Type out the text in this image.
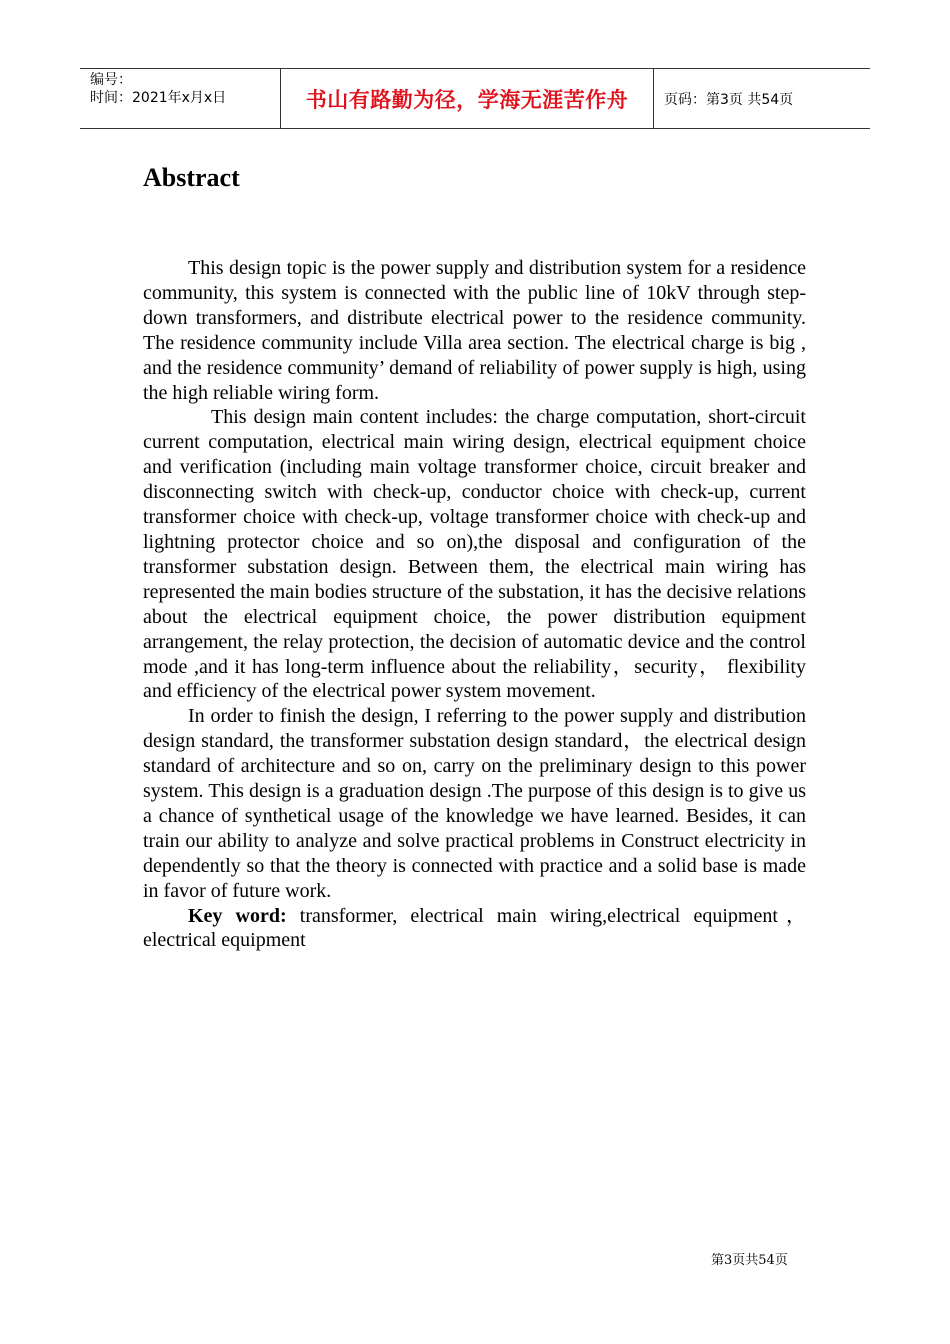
编号：
时间：2021年x月x日	书山有路勤为径，学海无涯苦作舟	页码：第3页 共54页
Abstract

This design topic is the power supply and distribution system for a residence community, this system is connected with the public line of 10kV through step-down transformers, and distribute electrical power to the residence community. The residence community include Villa area section. The electrical charge is big , and the residence community’ demand of reliability of power supply is high, using the high reliable wiring form.

This design main content includes: the charge computation, short-circuit current computation, electrical main wiring design, electrical equipment choice and verification (including main voltage transformer choice, circuit breaker and disconnecting switch with check-up, conductor choice with check-up, current transformer choice with check-up, voltage transformer choice with check-up and lightning protector choice and so on),the disposal and configuration of the transformer substation design. Between them, the electrical main wiring has represented the main bodies structure of the substation, it has the decisive relations about the electrical equipment choice, the power distribution equipment arrangement, the relay protection, the decision of automatic device and the control mode ,and it has long-term influence about the reliability，security， flexibility and efficiency of the electrical power system movement.

In order to finish the design, I referring to the power supply and distribution design standard, the transformer substation design standard，the electrical design standard of architecture and so on, carry on the preliminary design to this power system. This design is a graduation design .The purpose of this design is to give us a chance of synthetical usage of the knowledge we have learned. Besides, it can train our ability to analyze and solve practical problems in Construct electricity in dependently so that the theory is connected with practice and a solid base is made in favor of future work.

Key word: transformer, electrical main wiring,electrical equipment，electrical equipment

第3页共54页
